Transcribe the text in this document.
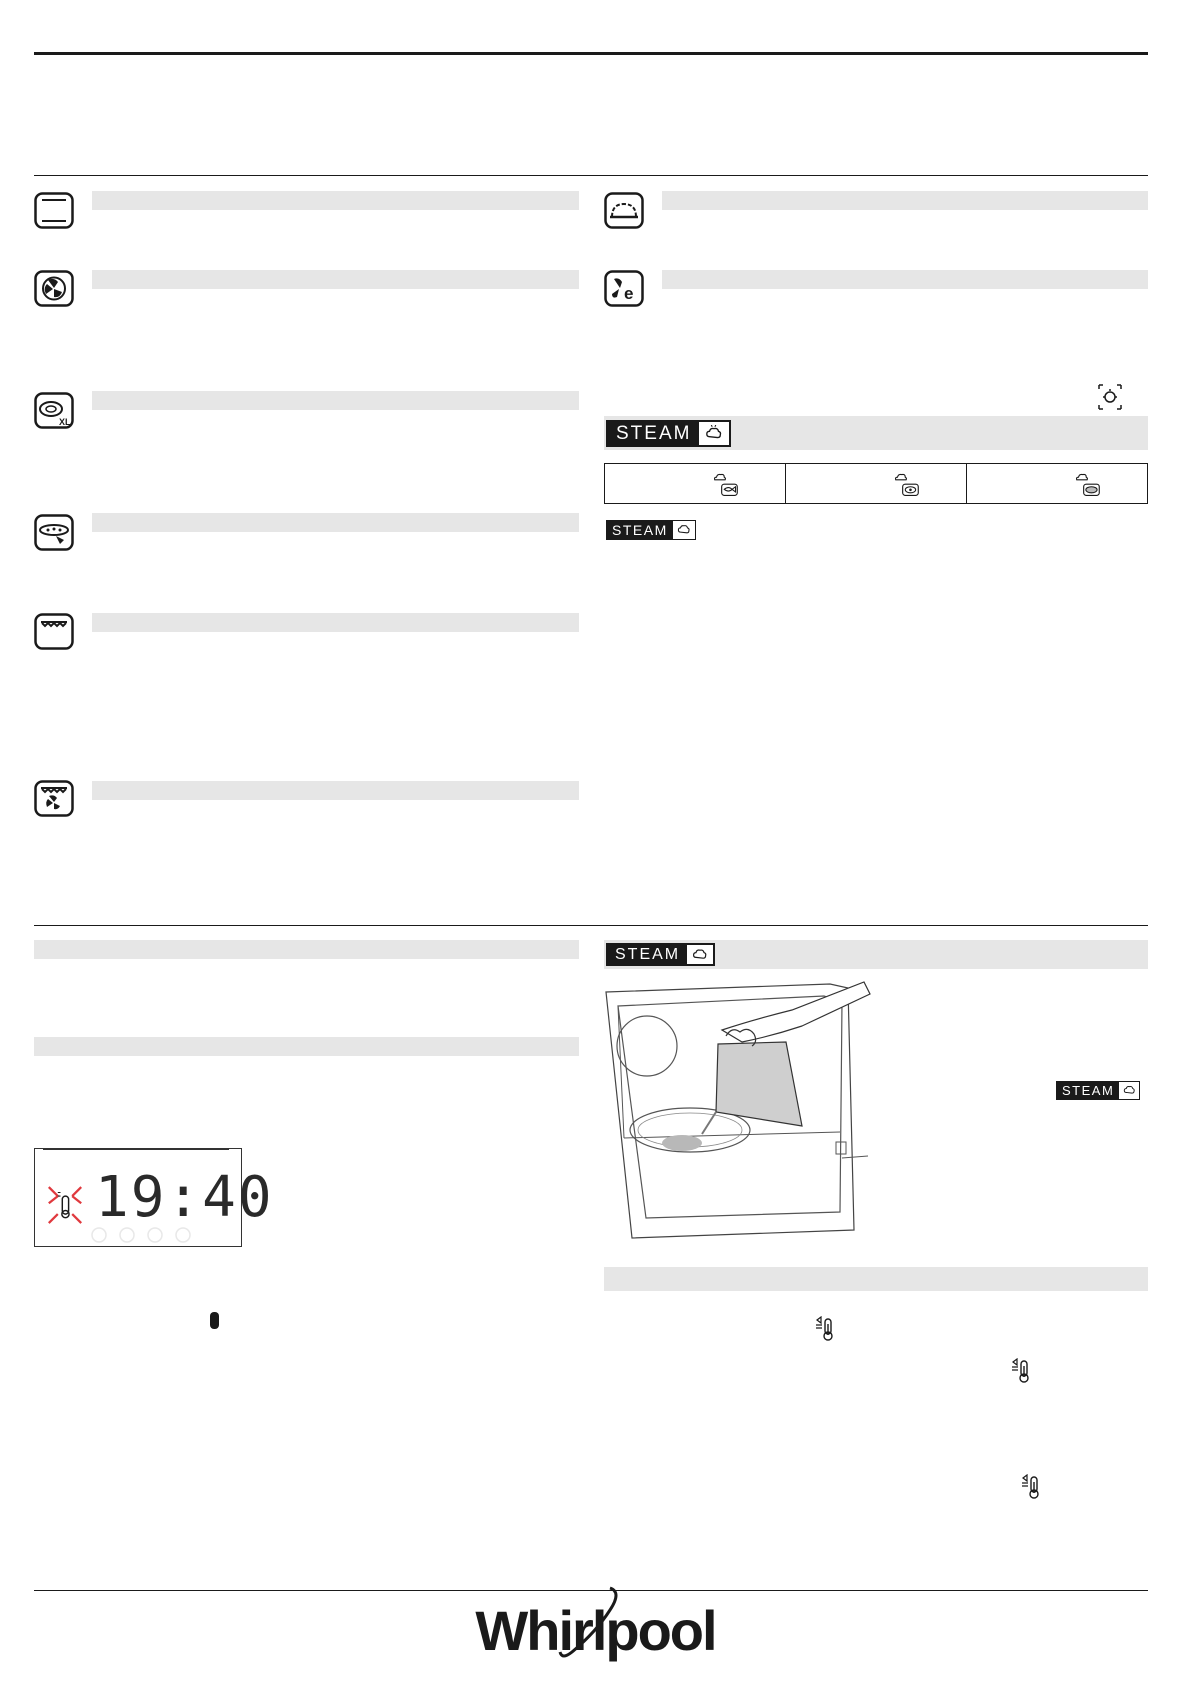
XL
e
STEAM
STEAM
19:40
STEAM
STEAM
Whirlpool
